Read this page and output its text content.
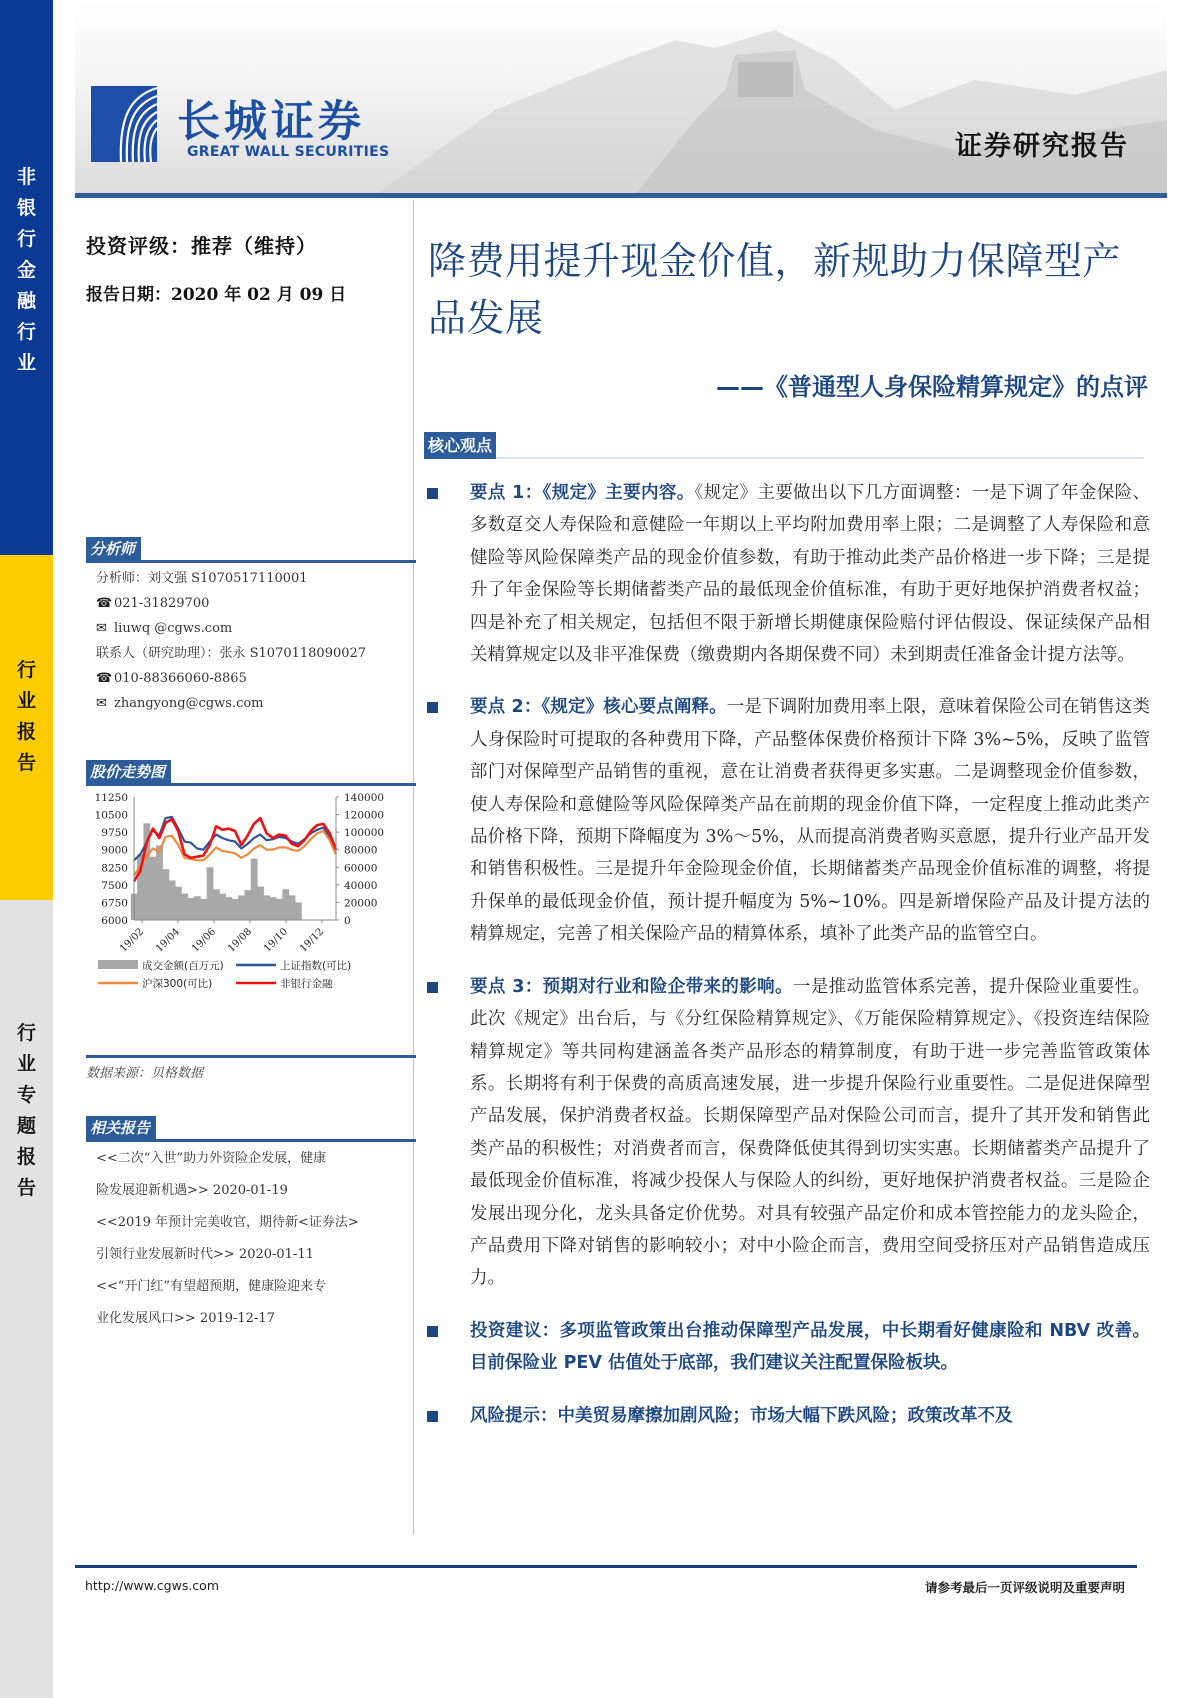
非
银
行
金
融
行
业
行
业
报
告
行
业
专
题
报
告
长城证券
GREAT WALL SECURITIES	证券研究报告
投资评级：推荐（维持）
报告日期：2020 年 02 月 09 日
分析师
分析师：刘文强 S1070517110001
☎ 021-31829700
✉ liuwq @cgws.com
联系人（研究助理）：张永 S1070118090027
☎ 010-88366060-8865
✉ zhangyong@cgws.com
股价走势图
6000
6750
7500
8250
9000
9750
10500
11250
0
20000
40000
60000
80000
100000
120000
140000
19/02 19/04 19/06 19/08 19/10 19/12
成交金额(百万元)	上证指数(可比)
沪深300(可比)	非银行金融
数据来源：贝格数据
相关报告
<<二次“入世”助力外资险企发展，健康
险发展迎新机遇>> 2020-01-19
<<2019 年预计完美收官，期待新<证券法>
引领行业发展新时代>> 2020-01-11
<<“开门红”有望超预期，健康险迎来专
业化发展风口>> 2019-12-17
降费用提升现金价值，新规助力保障型产品发展
——《普通型人身保险精算规定》的点评
核心观点
要点 1：《规定》主要内容。《规定》主要做出以下几方面调整：一是下调了年金保险、多数趸交人寿保险和意健险一年期以上平均附加费用率上限；二是调整了人寿保险和意健险等风险保障类产品的现金价值参数，有助于推动此类产品价格进一步下降；三是提升了年金保险等长期储蓄类产品的最低现金价值标准，有助于更好地保护消费者权益；四是补充了相关规定，包括但不限于新增长期健康保险赔付评估假设、保证续保产品相关精算规定以及非平准保费（缴费期内各期保费不同）未到期责任准备金计提方法等。
要点 2：《规定》核心要点阐释。一是下调附加费用率上限，意味着保险公司在销售这类人身保险时可提取的各种费用下降，产品整体保费价格预计下降 3%~5%，反映了监管部门对保障型产品销售的重视，意在让消费者获得更多实惠。二是调整现金价值参数，使人寿保险和意健险等风险保障类产品在前期的现金价值下降，一定程度上推动此类产品价格下降，预期下降幅度为 3%～5%，从而提高消费者购买意愿，提升行业产品开发和销售积极性。三是提升年金险现金价值，长期储蓄类产品现金价值标准的调整，将提升保单的最低现金价值，预计提升幅度为 5%~10%。四是新增保险产品及计提方法的精算规定，完善了相关保险产品的精算体系，填补了此类产品的监管空白。
要点 3：预期对行业和险企带来的影响。一是推动监管体系完善，提升保险业重要性。此次《规定》出台后，与《分红保险精算规定》、《万能保险精算规定》、《投资连结保险精算规定》等共同构建涵盖各类产品形态的精算制度，有助于进一步完善监管政策体系。长期将有利于保费的高质高速发展，进一步提升保险行业重要性。二是促进保障型产品发展，保护消费者权益。长期保障型产品对保险公司而言，提升了其开发和销售此类产品的积极性；对消费者而言，保费降低使其得到切实实惠。长期储蓄类产品提升了最低现金价值标准，将减少投保人与保险人的纠纷，更好地保护消费者权益。三是险企发展出现分化，龙头具备定价优势。对具有较强产品定价和成本管控能力的龙头险企，产品费用下降对销售的影响较小；对中小险企而言，费用空间受挤压对产品销售造成压力。
投资建议：多项监管政策出台推动保障型产品发展，中长期看好健康险和 NBV 改善。目前保险业 PEV 估值处于底部，我们建议关注配置保险板块。
风险提示：中美贸易摩擦加剧风险；市场大幅下跌风险；政策改革不及
http://www.cgws.com	请参考最后一页评级说明及重要声明
